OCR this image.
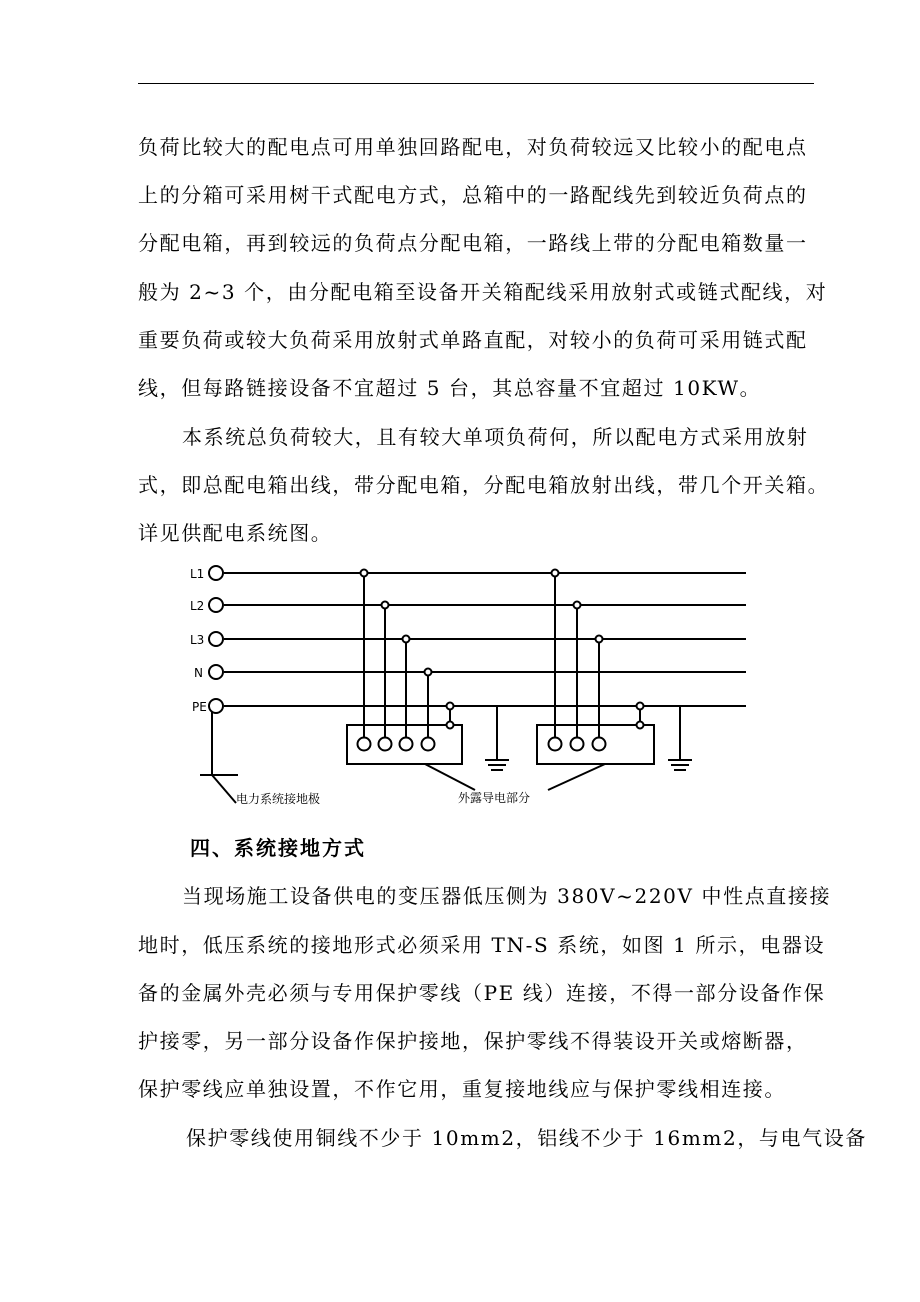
负荷比较大的配电点可用单独回路配电，对负荷较远又比较小的配电点
上的分箱可采用树干式配电方式，总箱中的一路配线先到较近负荷点的
分配电箱，再到较远的负荷点分配电箱，一路线上带的分配电箱数量一
般为 2~3 个，由分配电箱至设备开关箱配线采用放射式或链式配线，对
重要负荷或较大负荷采用放射式单路直配，对较小的负荷可采用链式配
线，但每路链接设备不宜超过 5 台，其总容量不宜超过 10KW。
本系统总负荷较大，且有较大单项负荷何，所以配电方式采用放射
式，即总配电箱出线，带分配电箱，分配电箱放射出线，带几个开关箱。
详见供配电系统图。
L1
L2
L3
N
PE
电力系统接地极	外露导电部分
四、系统接地方式
当现场施工设备供电的变压器低压侧为 380V~220V 中性点直接接
地时，低压系统的接地形式必须采用 TN-S 系统，如图 1 所示，电器设
备的金属外壳必须与专用保护零线（PE 线）连接，不得一部分设备作保
护接零，另一部分设备作保护接地，保护零线不得装设开关或熔断器，
保护零线应单独设置，不作它用，重复接地线应与保护零线相连接。
保护零线使用铜线不少于 10mm2，铝线不少于 16mm2，与电气设备
